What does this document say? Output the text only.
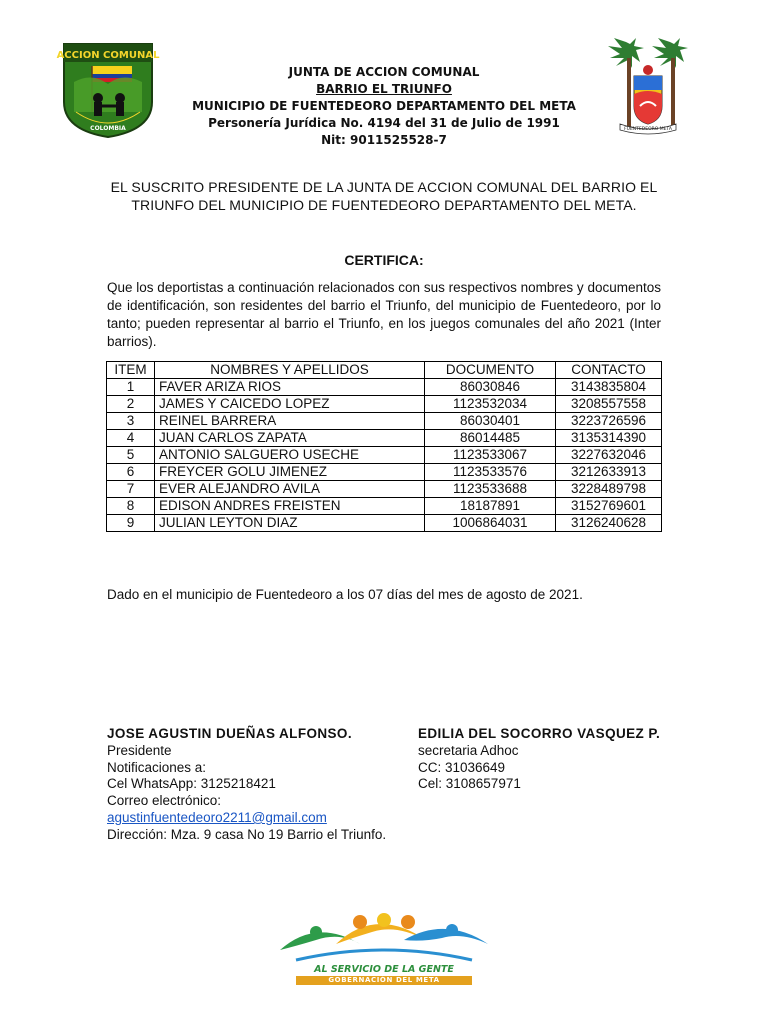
ACCION COMUNAL
COLOMBIA	FUENTEDEORO META
JUNTA DE ACCION COMUNAL
BARRIO EL TRIUNFO
MUNICIPIO DE FUENTEDEORO DEPARTAMENTO DEL META
Personería Jurídica No. 4194 del 31 de Julio de 1991
Nit: 9011525528-7
EL SUSCRITO PRESIDENTE DE LA JUNTA DE ACCION COMUNAL DEL BARRIO EL TRIUNFO DEL MUNICIPIO DE FUENTEDEORO DEPARTAMENTO DEL META.
CERTIFICA:
Que los deportistas a continuación relacionados con sus respectivos nombres y documentos de identificación, son residentes del barrio el Triunfo, del municipio de Fuentedeoro, por lo tanto; pueden representar al barrio el Triunfo, en los juegos comunales del año 2021 (Inter barrios).
ITEM	NOMBRES Y APELLIDOS	DOCUMENTO	CONTACTO
1	FAVER ARIZA RIOS	86030846	3143835804
2	JAMES Y CAICEDO LOPEZ	1123532034	3208557558
3	REINEL BARRERA	86030401	3223726596
4	JUAN CARLOS ZAPATA	86014485	3135314390
5	ANTONIO SALGUERO USECHE	1123533067	3227632046
6	FREYCER GOLU JIMENEZ	1123533576	3212633913
7	EVER ALEJANDRO AVILA	1123533688	3228489798
8	EDISON ANDRES FREISTEN	18187891	3152769601
9	JULIAN LEYTON DIAZ	1006864031	3126240628
Dado en el municipio de Fuentedeoro a los 07 días del mes de agosto de 2021.
JOSE AGUSTIN DUEÑAS ALFONSO.
Presidente
Notificaciones a:
Cel WhatsApp: 3125218421
Correo electrónico:
agustinfuentedeoro2211@gmail.com
Dirección: Mza. 9 casa No 19 Barrio el Triunfo.
EDILIA DEL SOCORRO VASQUEZ P.
secretaria Adhoc
CC: 31036649
Cel: 3108657971
AL SERVICIO DE LA GENTE
GOBERNACIÓN DEL META
